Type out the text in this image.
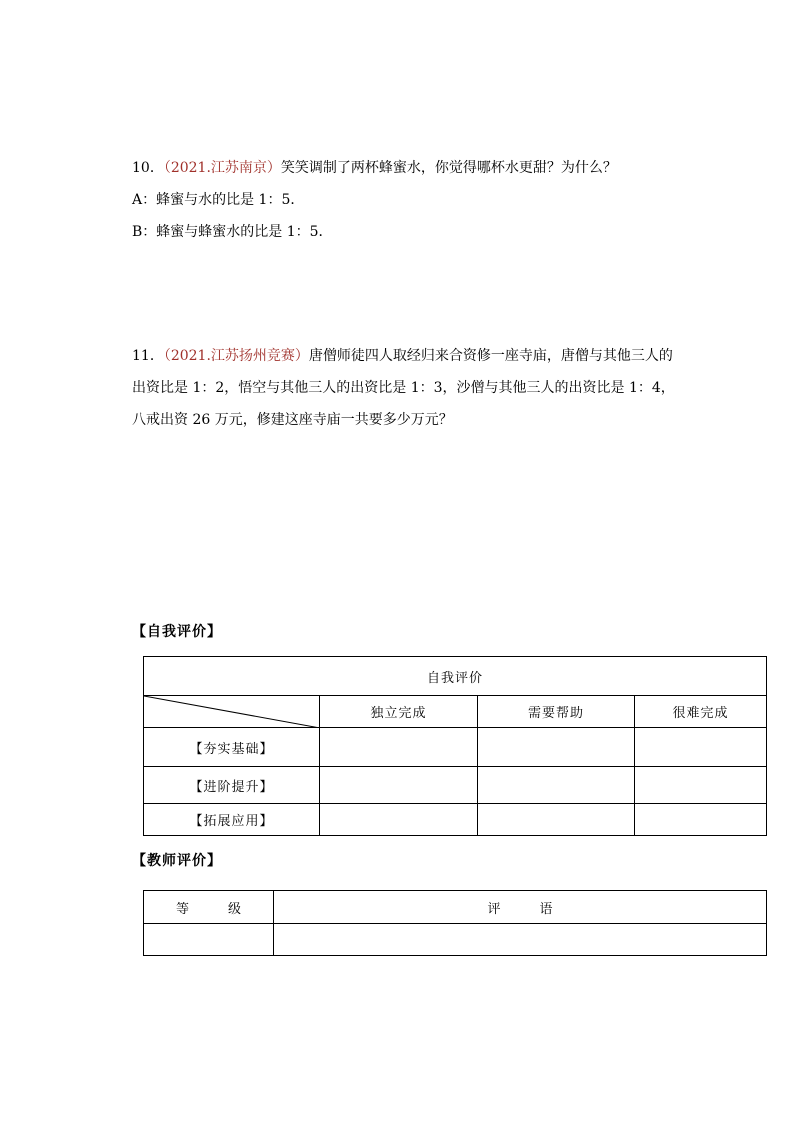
10．（2021.江苏南京）笑笑调制了两杯蜂蜜水，你觉得哪杯水更甜？为什么？
A：蜂蜜与水的比是 1：5．
B：蜂蜜与蜂蜜水的比是 1：5．
11．（2021.江苏扬州竞赛）唐僧师徒四人取经归来合资修一座寺庙，唐僧与其他三人的
出资比是 1：2，悟空与其他三人的出资比是 1：3，沙僧与其他三人的出资比是 1：4，
八戒出资 26 万元，修建这座寺庙一共要多少万元？
【自我评价】
自我评价			

	独立完成	需要帮助	很难完成
【夯实基础】			
【进阶提升】			
【拓展应用】			
【教师评价】
等　　　级	评　　　语
